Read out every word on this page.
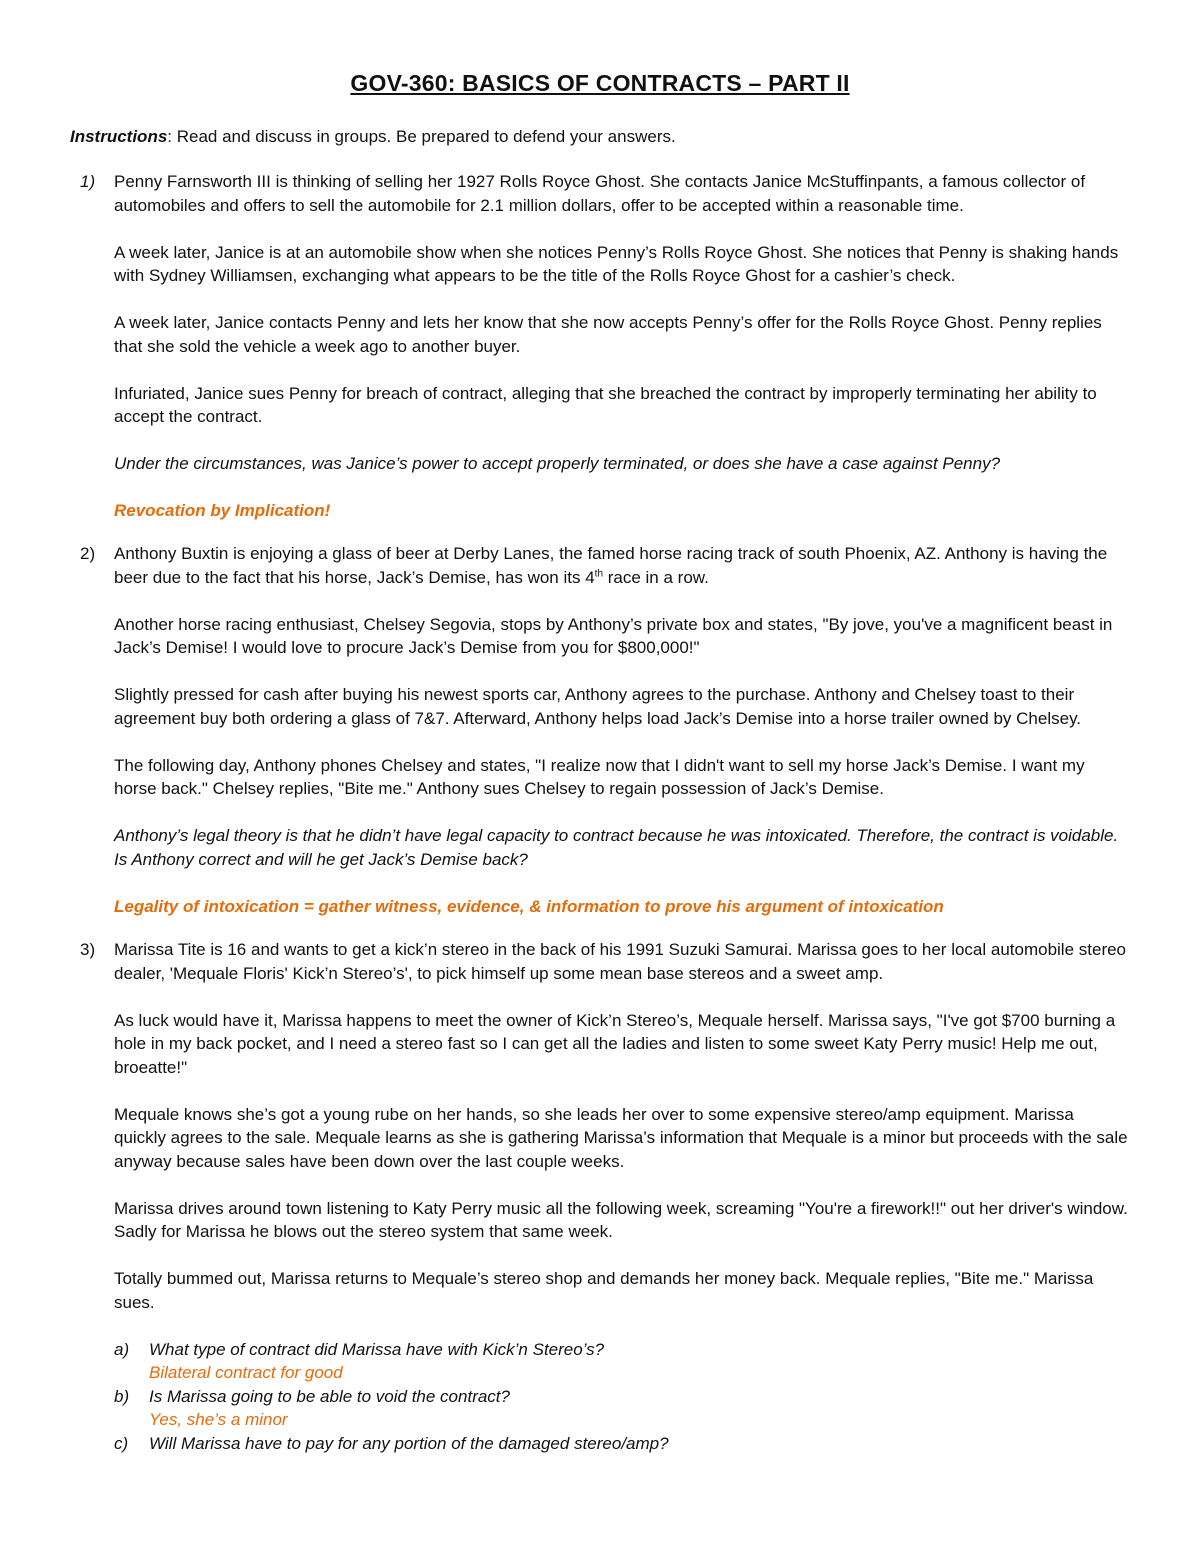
GOV-360: BASICS OF CONTRACTS – PART II
Instructions: Read and discuss in groups. Be prepared to defend your answers.
1) Penny Farnsworth III is thinking of selling her 1927 Rolls Royce Ghost. She contacts Janice McStuffinpants, a famous collector of automobiles and offers to sell the automobile for 2.1 million dollars, offer to be accepted within a reasonable time.

A week later, Janice is at an automobile show when she notices Penny’s Rolls Royce Ghost. She notices that Penny is shaking hands with Sydney Williamsen, exchanging what appears to be the title of the Rolls Royce Ghost for a cashier’s check.

A week later, Janice contacts Penny and lets her know that she now accepts Penny’s offer for the Rolls Royce Ghost. Penny replies that she sold the vehicle a week ago to another buyer.

Infuriated, Janice sues Penny for breach of contract, alleging that she breached the contract by improperly terminating her ability to accept the contract.

Under the circumstances, was Janice’s power to accept properly terminated, or does she have a case against Penny?

Revocation by Implication!

2) Anthony Buxtin is enjoying a glass of beer at Derby Lanes, the famed horse racing track of south Phoenix, AZ. Anthony is having the beer due to the fact that his horse, Jack’s Demise, has won its 4th race in a row.

Another horse racing enthusiast, Chelsey Segovia, stops by Anthony’s private box and states, "By jove, you've a magnificent beast in Jack’s Demise! I would love to procure Jack’s Demise from you for $800,000!"

Slightly pressed for cash after buying his newest sports car, Anthony agrees to the purchase. Anthony and Chelsey toast to their agreement buy both ordering a glass of 7&7. Afterward, Anthony helps load Jack’s Demise into a horse trailer owned by Chelsey.

The following day, Anthony phones Chelsey and states, "I realize now that I didn't want to sell my horse Jack’s Demise. I want my horse back." Chelsey replies, "Bite me." Anthony sues Chelsey to regain possession of Jack’s Demise.

Anthony’s legal theory is that he didn’t have legal capacity to contract because he was intoxicated. Therefore, the contract is voidable. Is Anthony correct and will he get Jack’s Demise back?

Legality of intoxication = gather witness, evidence, & information to prove his argument of intoxication

3) Marissa Tite is 16 and wants to get a kick’n stereo in the back of his 1991 Suzuki Samurai. Marissa goes to her local automobile stereo dealer, 'Mequale Floris' Kick’n Stereo’s', to pick himself up some mean base stereos and a sweet amp.

As luck would have it, Marissa happens to meet the owner of Kick’n Stereo’s, Mequale herself. Marissa says, "I've got $700 burning a hole in my back pocket, and I need a stereo fast so I can get all the ladies and listen to some sweet Katy Perry music! Help me out, broeatte!"

Mequale knows she’s got a young rube on her hands, so she leads her over to some expensive stereo/amp equipment. Marissa quickly agrees to the sale. Mequale learns as she is gathering Marissa’s information that Mequale is a minor but proceeds with the sale anyway because sales have been down over the last couple weeks.

Marissa drives around town listening to Katy Perry music all the following week, screaming "You're a firework!!" out her driver's window. Sadly for Marissa he blows out the stereo system that same week.

Totally bummed out, Marissa returns to Mequale’s stereo shop and demands her money back. Mequale replies, "Bite me." Marissa sues.

a) What type of contract did Marissa have with Kick’n Stereo’s?
Bilateral contract for good
b) Is Marissa going to be able to void the contract?
Yes, she’s a minor
c) Will Marissa have to pay for any portion of the damaged stereo/amp?
